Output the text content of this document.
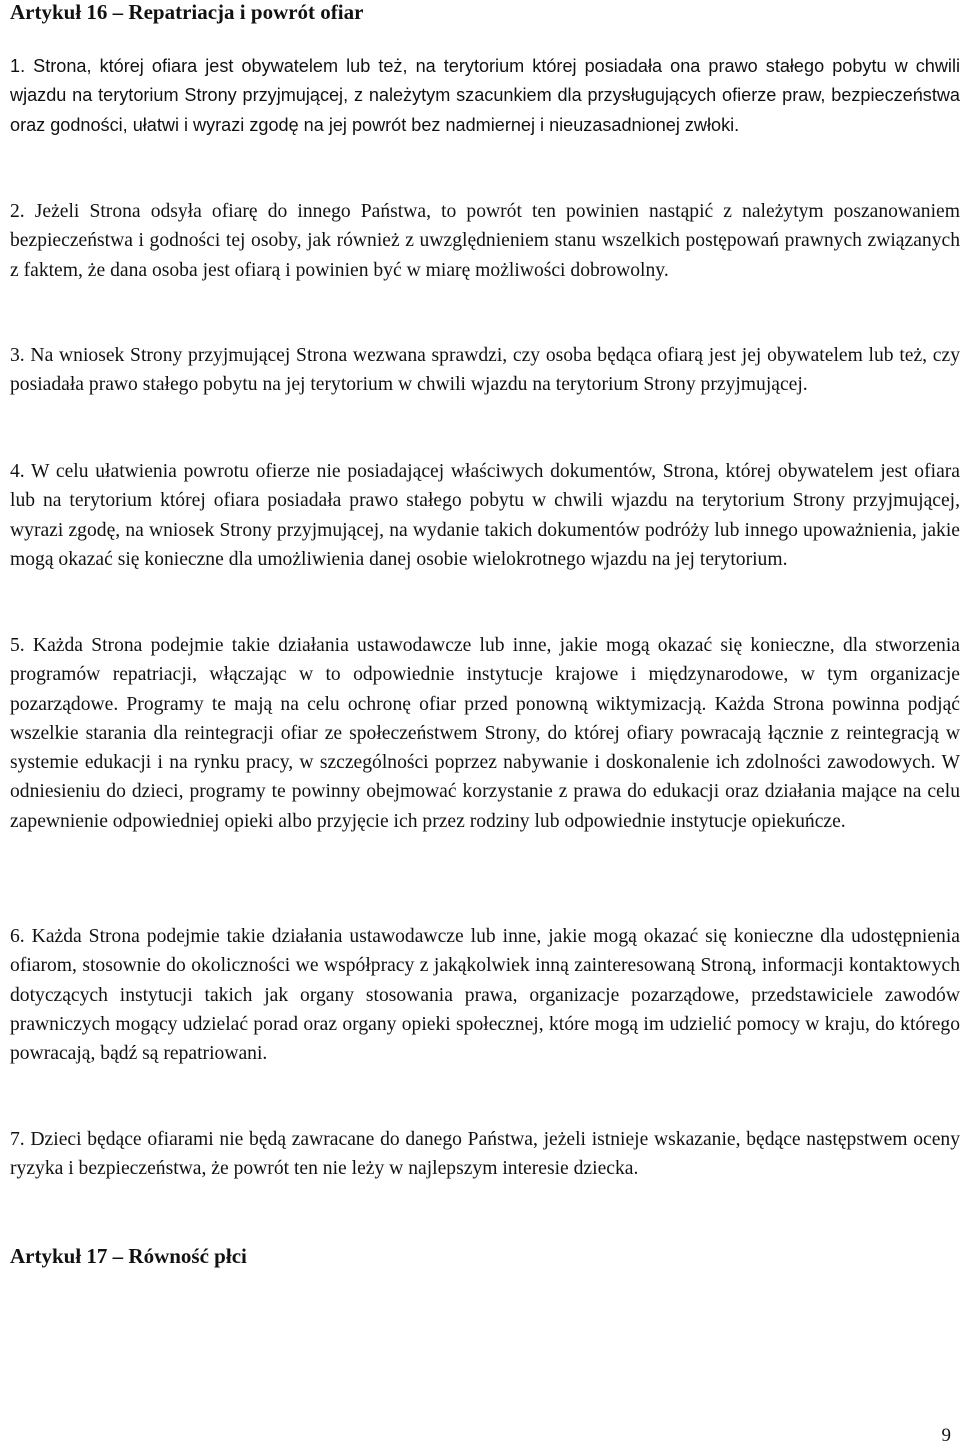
Artykuł 16 – Repatriacja i powrót ofiar

1. Strona, której ofiara jest obywatelem lub też, na terytorium której posiadała ona prawo stałego pobytu w chwili wjazdu na terytorium Strony przyjmującej, z należytym szacunkiem dla przysługujących ofierze praw, bezpieczeństwa oraz godności, ułatwi i wyrazi zgodę na jej powrót bez nadmiernej i nieuzasadnionej zwłoki.

2. Jeżeli Strona odsyła ofiarę do innego Państwa, to powrót ten powinien nastąpić z należytym poszanowaniem bezpieczeństwa i godności tej osoby, jak również z uwzględnieniem stanu wszelkich postępowań prawnych związanych z faktem, że dana osoba jest ofiarą i powinien być w miarę możliwości dobrowolny.

3. Na wniosek Strony przyjmującej Strona wezwana sprawdzi, czy osoba będąca ofiarą jest jej obywatelem lub też, czy posiadała prawo stałego pobytu na jej terytorium w chwili wjazdu na terytorium Strony przyjmującej.

4. W celu ułatwienia powrotu ofierze nie posiadającej właściwych dokumentów, Strona, której obywatelem jest ofiara lub na terytorium której ofiara posiadała prawo stałego pobytu w chwili wjazdu na terytorium Strony przyjmującej, wyrazi zgodę, na wniosek Strony przyjmującej, na wydanie takich dokumentów podróży lub innego upoważnienia, jakie mogą okazać się konieczne dla umożliwienia danej osobie wielokrotnego wjazdu na jej terytorium.

5. Każda Strona podejmie takie działania ustawodawcze lub inne, jakie mogą okazać się konieczne, dla stworzenia programów repatriacji, włączając w to odpowiednie instytucje krajowe i międzynarodowe, w tym organizacje pozarządowe. Programy te mają na celu ochronę ofiar przed ponowną wiktymizacją. Każda Strona powinna podjąć wszelkie starania dla reintegracji ofiar ze społeczeństwem Strony, do której ofiary powracają łącznie z reintegracją w systemie edukacji i na rynku pracy, w szczególności poprzez nabywanie i doskonalenie ich zdolności zawodowych. W odniesieniu do dzieci, programy te powinny obejmować korzystanie z prawa do edukacji oraz działania mające na celu zapewnienie odpowiedniej opieki albo przyjęcie ich przez rodziny lub odpowiednie instytucje opiekuńcze.

6. Każda Strona podejmie takie działania ustawodawcze lub inne, jakie mogą okazać się konieczne dla udostępnienia ofiarom, stosownie do okoliczności we współpracy z jakąkolwiek inną zainteresowaną Stroną, informacji kontaktowych dotyczących instytucji takich jak organy stosowania prawa, organizacje pozarządowe, przedstawiciele zawodów prawniczych mogący udzielać porad oraz organy opieki społecznej, które mogą im udzielić pomocy w kraju, do którego powracają, bądź są repatriowani.

7. Dzieci będące ofiarami nie będą zawracane do danego Państwa, jeżeli istnieje wskazanie, będące następstwem oceny ryzyka i bezpieczeństwa, że powrót ten nie leży w najlepszym interesie dziecka.

Artykuł 17 – Równość płci
9
